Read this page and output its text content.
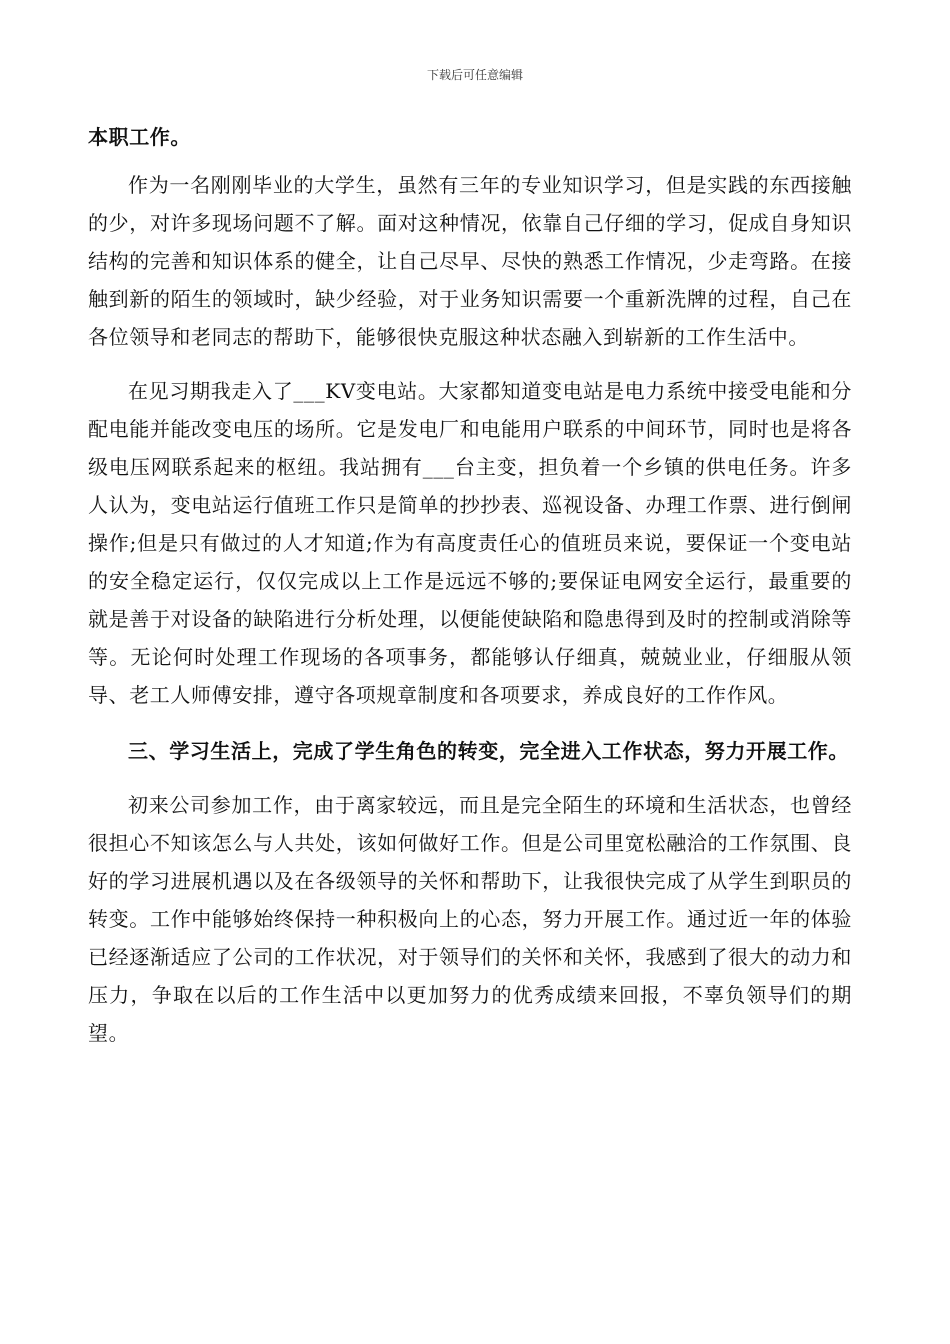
下载后可任意编辑

本职工作。

作为一名刚刚毕业的大学生，虽然有三年的专业知识学习，但是实践的东西接触的少，对许多现场问题不了解。面对这种情况，依靠自己仔细的学习，促成自身知识结构的完善和知识体系的健全，让自己尽早、尽快的熟悉工作情况，少走弯路。在接触到新的陌生的领域时，缺少经验，对于业务知识需要一个重新洗牌的过程，自己在各位领导和老同志的帮助下，能够很快克服这种状态融入到崭新的工作生活中。

在见习期我走入了___KV变电站。大家都知道变电站是电力系统中接受电能和分配电能并能改变电压的场所。它是发电厂和电能用户联系的中间环节，同时也是将各级电压网联系起来的枢纽。我站拥有___台主变，担负着一个乡镇的供电任务。许多人认为，变电站运行值班工作只是简单的抄抄表、巡视设备、办理工作票、进行倒闸操作;但是只有做过的人才知道;作为有高度责任心的值班员来说，要保证一个变电站的安全稳定运行，仅仅完成以上工作是远远不够的;要保证电网安全运行，最重要的就是善于对设备的缺陷进行分析处理，以便能使缺陷和隐患得到及时的控制或消除等等。无论何时处理工作现场的各项事务，都能够认仔细真，兢兢业业，仔细服从领导、老工人师傅安排，遵守各项规章制度和各项要求，养成良好的工作作风。

三、学习生活上，完成了学生角色的转变，完全进入工作状态，努力开展工作。

初来公司参加工作，由于离家较远，而且是完全陌生的环境和生活状态，也曾经很担心不知该怎么与人共处，该如何做好工作。但是公司里宽松融洽的工作氛围、良好的学习进展机遇以及在各级领导的关怀和帮助下，让我很快完成了从学生到职员的转变。工作中能够始终保持一种积极向上的心态，努力开展工作。通过近一年的体验已经逐渐适应了公司的工作状况，对于领导们的关怀和关怀，我感到了很大的动力和压力，争取在以后的工作生活中以更加努力的优秀成绩来回报，不辜负领导们的期望。
